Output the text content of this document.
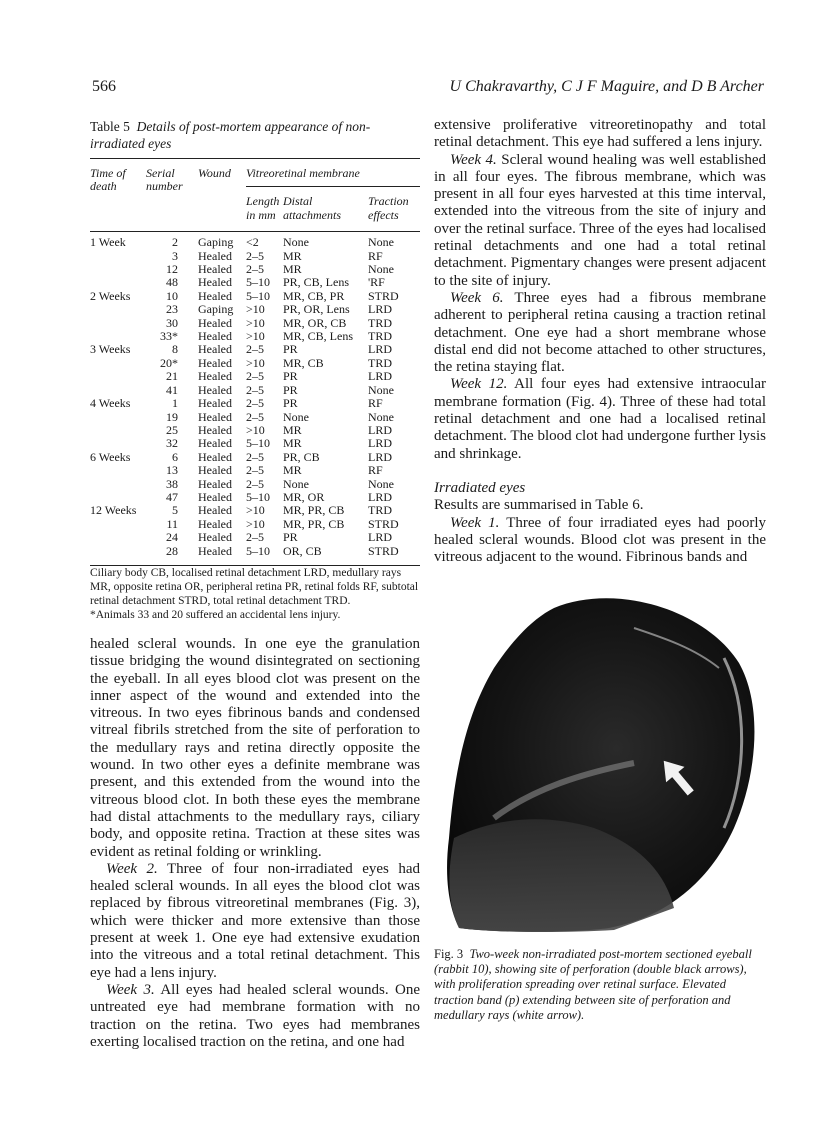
566	U Chakravarthy, C J F Maguire, and D B Archer
Table 5 Details of post-mortem appearance of non-irradiated eyes
Time of death	Serial number	Wound	Vitreoretinal membrane		
			Length in mm	Distal attachments	Traction effects
1 Week	2	Gaping	<2	None	None
	3	Healed	2–5	MR	RF
	12	Healed	2–5	MR	None
	48	Healed	5–10	PR, CB, Lens	'RF
2 Weeks	10	Healed	5–10	MR, CB, PR	STRD
	23	Gaping	>10	PR, OR, Lens	LRD
	30	Healed	>10	MR, OR, CB	TRD
	33*	Healed	>10	MR, CB, Lens	TRD
3 Weeks	8	Healed	2–5	PR	LRD
	20*	Healed	>10	MR, CB	TRD
	21	Healed	2–5	PR	LRD
	41	Healed	2–5	PR	None
4 Weeks	1	Healed	2–5	PR	RF
	19	Healed	2–5	None	None
	25	Healed	>10	MR	LRD
	32	Healed	5–10	MR	LRD
6 Weeks	6	Healed	2–5	PR, CB	LRD
	13	Healed	2–5	MR	RF
	38	Healed	2–5	None	None
	47	Healed	5–10	MR, OR	LRD
12 Weeks	5	Healed	>10	MR, PR, CB	TRD
	11	Healed	>10	MR, PR, CB	STRD
	24	Healed	2–5	PR	LRD
	28	Healed	5–10	OR, CB	STRD
Ciliary body CB, localised retinal detachment LRD, medullary rays MR, opposite retina OR, peripheral retina PR, retinal folds RF, subtotal retinal detachment STRD, total retinal detachment TRD.
*Animals 33 and 20 suffered an accidental lens injury.

healed scleral wounds. In one eye the granulation tissue bridging the wound disintegrated on sectioning the eyeball. In all eyes blood clot was present on the inner aspect of the wound and extended into the vitreous. In two eyes fibrinous bands and condensed vitreal fibrils stretched from the site of perforation to the medullary rays and retina directly opposite the wound. In two other eyes a definite membrane was present, and this extended from the wound into the vitreous blood clot. In both these eyes the membrane had distal attachments to the medullary rays, ciliary body, and opposite retina. Traction at these sites was evident as retinal folding or wrinkling.

Week 2. Three of four non-irradiated eyes had healed scleral wounds. In all eyes the blood clot was replaced by fibrous vitreoretinal membranes (Fig. 3), which were thicker and more extensive than those present at week 1. One eye had extensive exudation into the vitreous and a total retinal detachment. This eye had a lens injury.

Week 3. All eyes had healed scleral wounds. One untreated eye had membrane formation with no traction on the retina. Two eyes had membranes exerting localised traction on the retina, and one had

extensive proliferative vitreoretinopathy and total retinal detachment. This eye had suffered a lens injury.

Week 4. Scleral wound healing was well established in all four eyes. The fibrous membrane, which was present in all four eyes harvested at this time interval, extended into the vitreous from the site of injury and over the retinal surface. Three of the eyes had localised retinal detachments and one had a total retinal detachment. Pigmentary changes were present adjacent to the site of injury.

Week 6. Three eyes had a fibrous membrane adherent to peripheral retina causing a traction retinal detachment. One eye had a short membrane whose distal end did not become attached to other structures, the retina staying flat.

Week 12. All four eyes had extensive intraocular membrane formation (Fig. 4). Three of these had total retinal detachment and one had a localised retinal detachment. The blood clot had undergone further lysis and shrinkage.

Irradiated eyes

Results are summarised in Table 6.

Week 1. Three of four irradiated eyes had poorly healed scleral wounds. Blood clot was present in the vitreous adjacent to the wound. Fibrinous bands and

Fig. 3 Two-week non-irradiated post-mortem sectioned eyeball (rabbit 10), showing site of perforation (double black arrows), with proliferation spreading over retinal surface. Elevated traction band (p) extending between site of perforation and medullary rays (white arrow).
